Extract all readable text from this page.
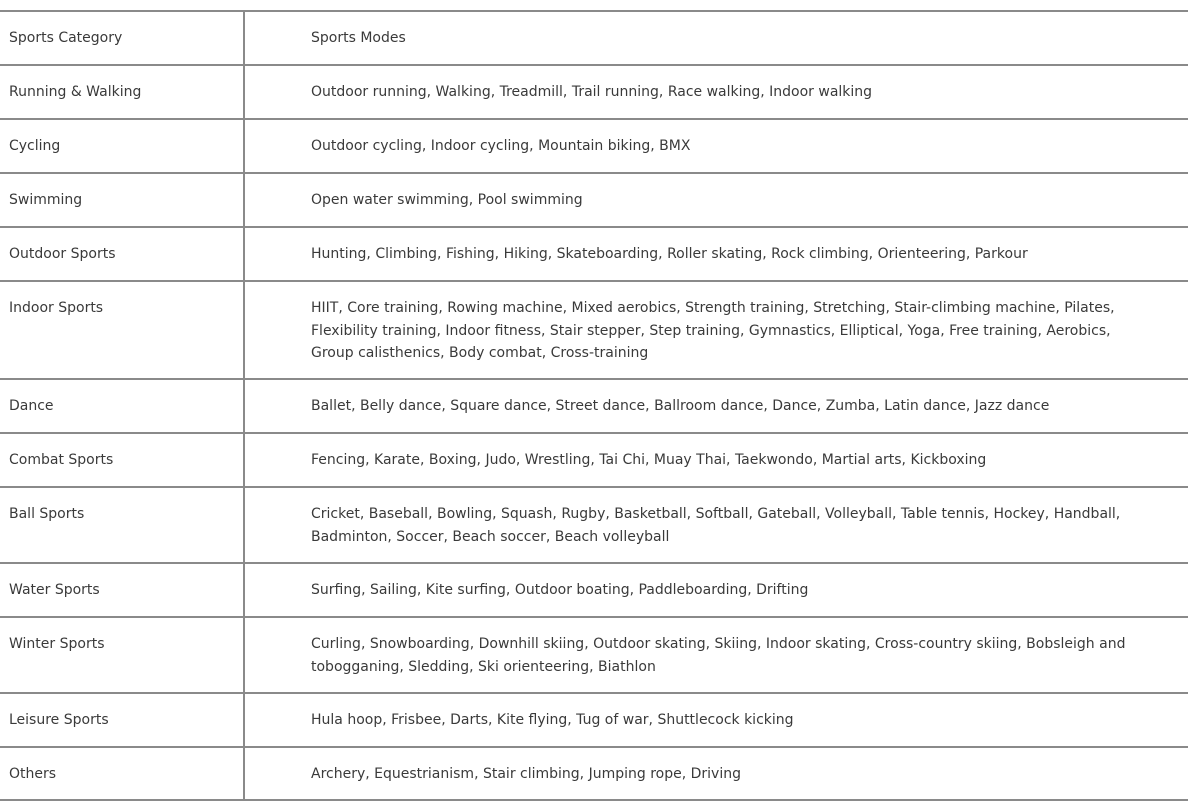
Sports Category	Sports Modes
Running & Walking	Outdoor running, Walking, Treadmill, Trail running, Race walking, Indoor walking
Cycling	Outdoor cycling, Indoor cycling, Mountain biking, BMX
Swimming	Open water swimming, Pool swimming
Outdoor Sports	Hunting, Climbing, Fishing, Hiking, Skateboarding, Roller skating, Rock climbing, Orienteering, Parkour
Indoor Sports	HIIT, Core training, Rowing machine, Mixed aerobics, Strength training, Stretching, Stair-climbing machine, Pilates, Flexibility training, Indoor fitness, Stair stepper, Step training, Gymnastics, Elliptical, Yoga, Free training, Aerobics, Group calisthenics, Body combat, Cross-training
Dance	Ballet, Belly dance, Square dance, Street dance, Ballroom dance, Dance, Zumba, Latin dance, Jazz dance
Combat Sports	Fencing, Karate, Boxing, Judo, Wrestling, Tai Chi, Muay Thai, Taekwondo, Martial arts, Kickboxing
Ball Sports	Cricket, Baseball, Bowling, Squash, Rugby, Basketball, Softball, Gateball, Volleyball, Table tennis, Hockey, Handball, Badminton, Soccer, Beach soccer, Beach volleyball
Water Sports	Surfing, Sailing, Kite surfing, Outdoor boating, Paddleboarding, Drifting
Winter Sports	Curling, Snowboarding, Downhill skiing, Outdoor skating, Skiing, Indoor skating, Cross-country skiing, Bobsleigh and tobogganing, Sledding, Ski orienteering, Biathlon
Leisure Sports	Hula hoop, Frisbee, Darts, Kite flying, Tug of war, Shuttlecock kicking
Others	Archery, Equestrianism, Stair climbing, Jumping rope, Driving
